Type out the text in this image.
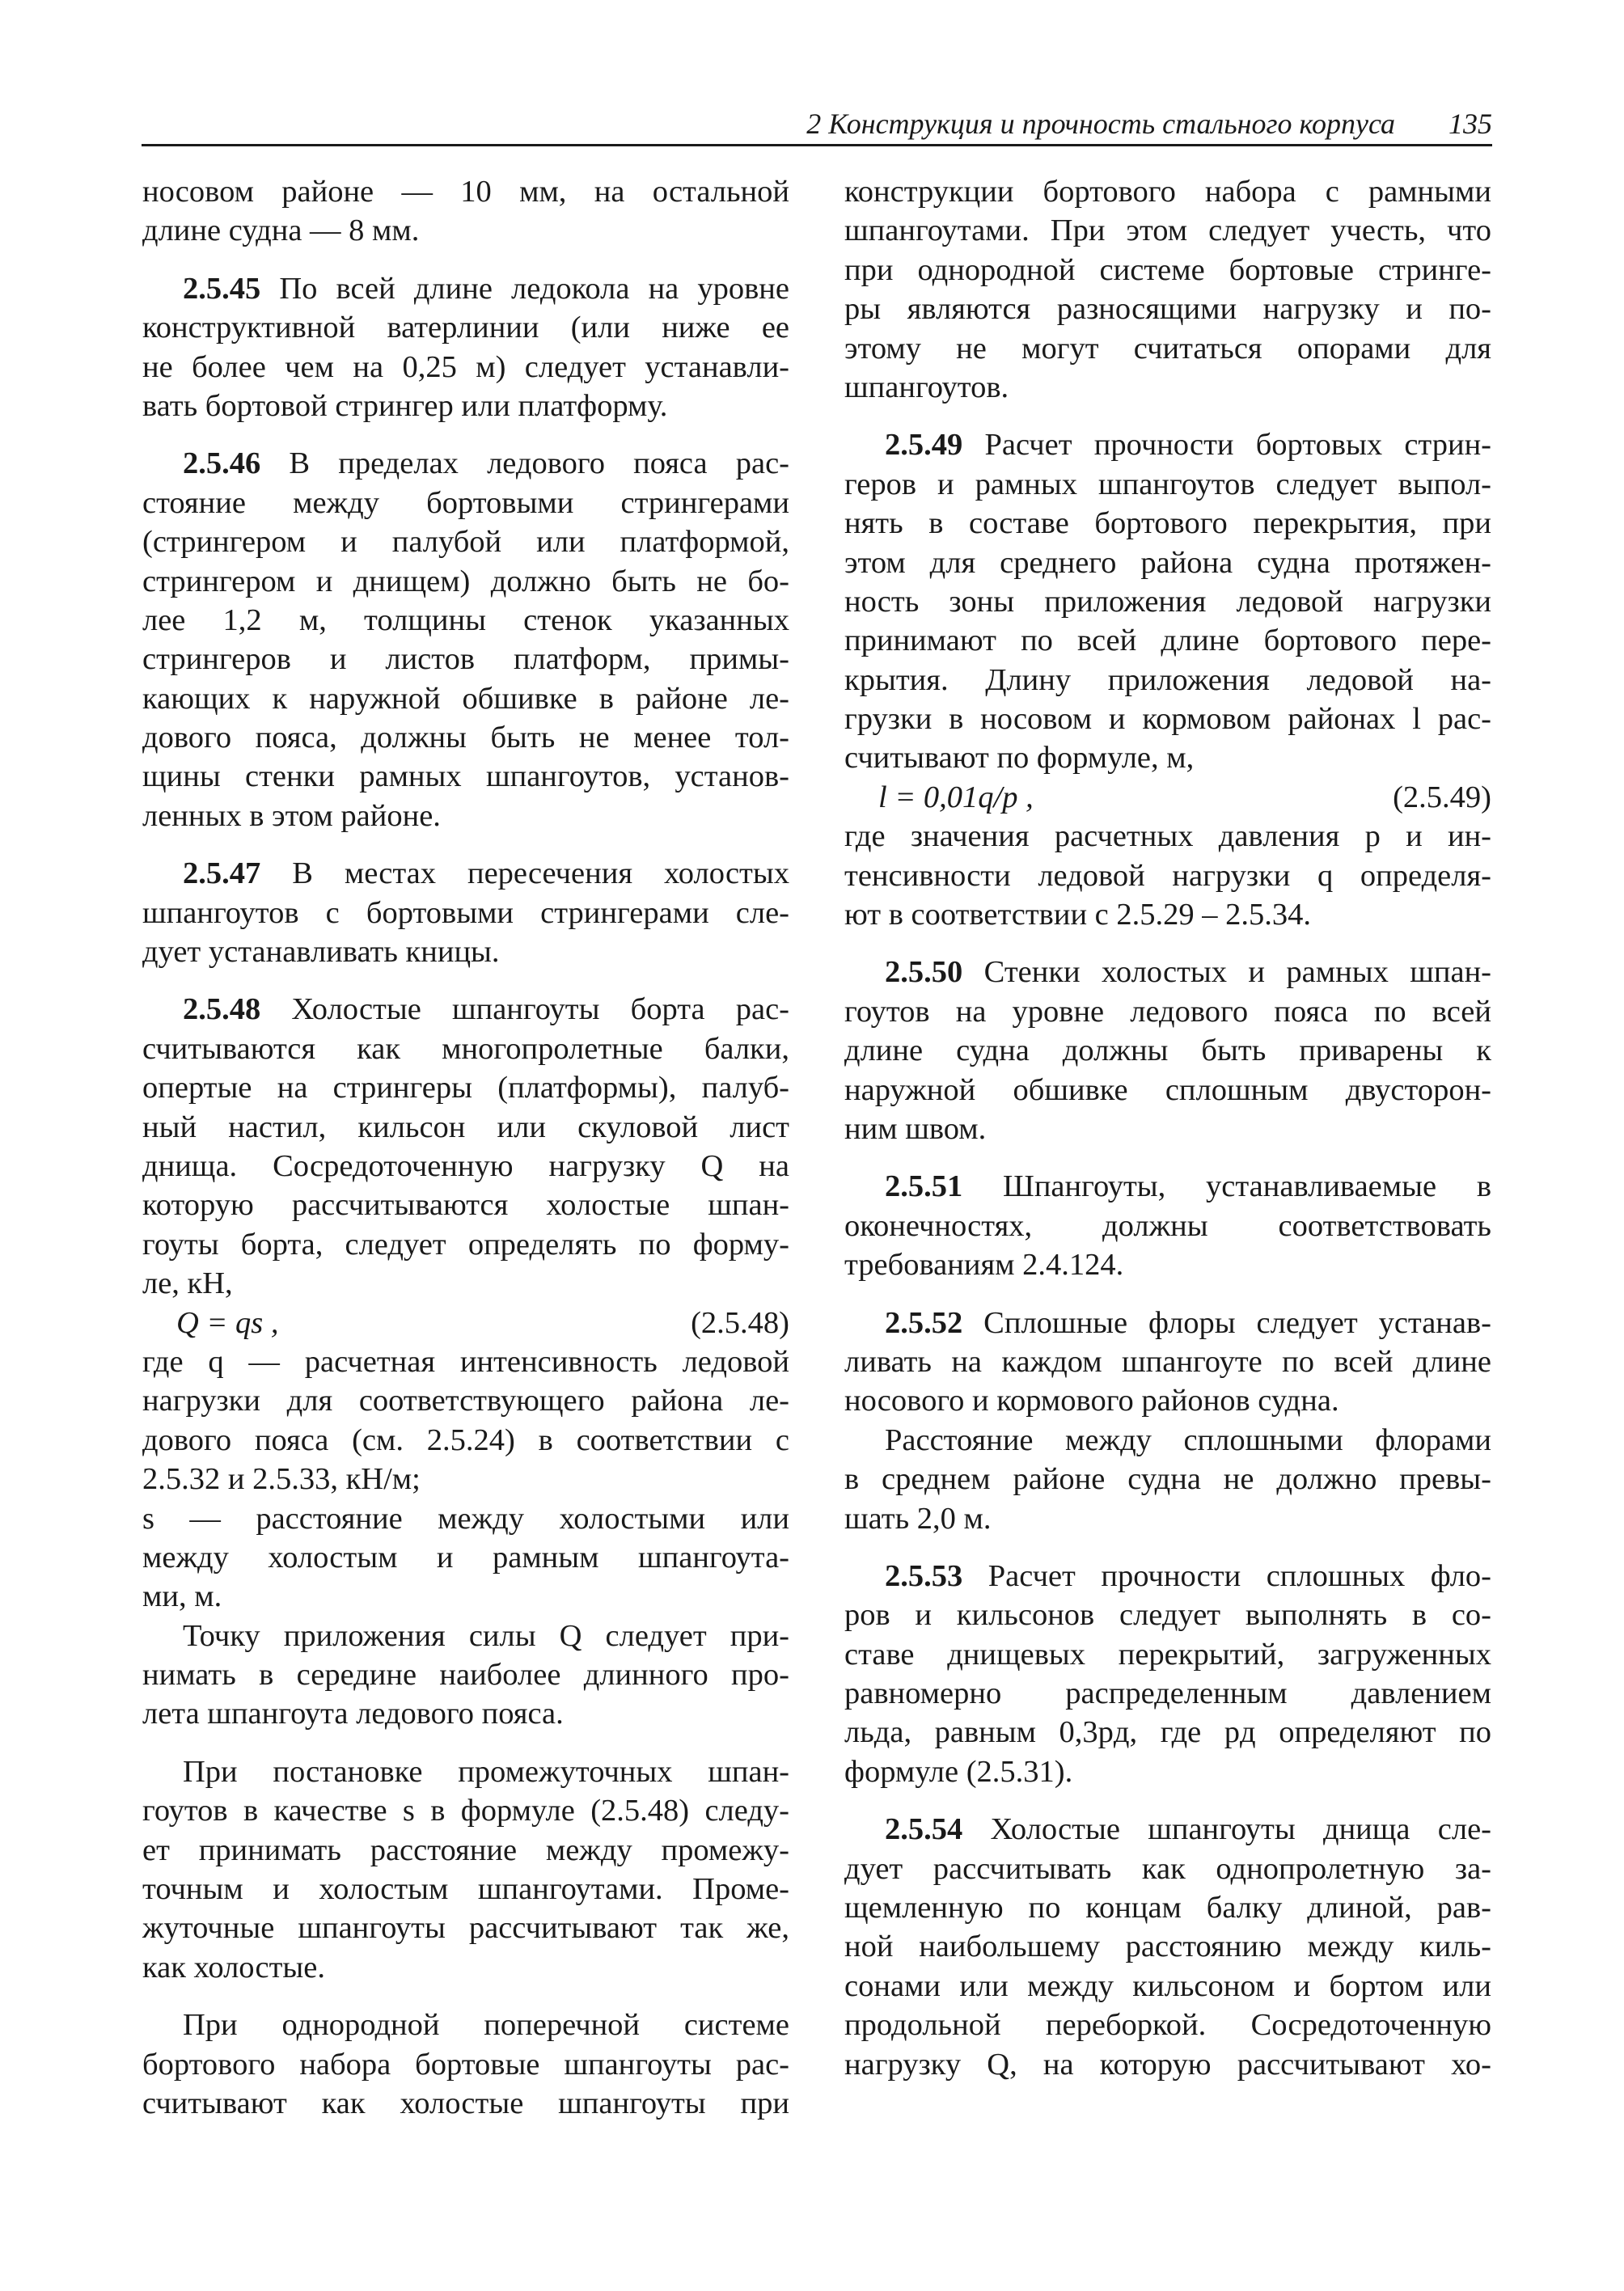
2 Конструкция и прочность стального корпуса 135
носовом районе — 10 мм, на остальной
длине судна — 8 мм.
2.5.45 По всей длине ледокола на уровне
конструктивной ватерлинии (или ниже ее
не более чем на 0,25 м) следует устанавли-
вать бортовой стрингер или платформу.
2.5.46 В пределах ледового пояса рас-
стояние между бортовыми стрингерами
(стрингером и палубой или платформой,
стрингером и днищем) должно быть не бо-
лее 1,2 м, толщины стенок указанных
стрингеров и листов платформ, примы-
кающих к наружной обшивке в районе ле-
дового пояса, должны быть не менее тол-
щины стенки рамных шпангоутов, установ-
ленных в этом районе.
2.5.47 В местах пересечения холостых
шпангоутов с бортовыми стрингерами сле-
дует устанавливать кницы.
2.5.48 Холостые шпангоуты борта рас-
считываются как многопролетные балки,
опертые на стрингеры (платформы), палуб-
ный настил, кильсон или скуловой лист
днища. Сосредоточенную нагрузку Q на
которую рассчитываются холостые шпан-
гоуты борта, следует определять по форму-
ле, кН,
Q = qs ,	(2.5.48)
где q — расчетная интенсивность ледовой
нагрузки для соответствующего района ле-
дового пояса (см. 2.5.24) в соответствии с
2.5.32 и 2.5.33, кН/м;
s — расстояние между холостыми или
между холостым и рамным шпангоута-
ми, м.
Точку приложения силы Q следует при-
нимать в середине наиболее длинного про-
лета шпангоута ледового пояса.
При постановке промежуточных шпан-
гоутов в качестве s в формуле (2.5.48) следу-
ет принимать расстояние между промежу-
точным и холостым шпангоутами. Проме-
жуточные шпангоуты рассчитывают так же,
как холостые.
При однородной поперечной системе
бортового набора бортовые шпангоуты рас-
считывают как холостые шпангоуты при
конструкции бортового набора с рамными
шпангоутами. При этом следует учесть, что
при однородной системе бортовые стринге-
ры являются разносящими нагрузку и по-
этому не могут считаться опорами для
шпангоутов.
2.5.49 Расчет прочности бортовых стрин-
геров и рамных шпангоутов следует выпол-
нять в составе бортового перекрытия, при
этом для среднего района судна протяжен-
ность зоны приложения ледовой нагрузки
принимают по всей длине бортового пере-
крытия. Длину приложения ледовой на-
грузки в носовом и кормовом районах l рас-
считывают по формуле, м,
l = 0,01q/p ,	(2.5.49)
где значения расчетных давления p и ин-
тенсивности ледовой нагрузки q определя-
ют в соответствии с 2.5.29 – 2.5.34.
2.5.50 Стенки холостых и рамных шпан-
гоутов на уровне ледового пояса по всей
длине судна должны быть приварены к
наружной обшивке сплошным двусторон-
ним швом.
2.5.51 Шпангоуты, устанавливаемые в
оконечностях, должны соответствовать
требованиям 2.4.124.
2.5.52 Сплошные флоры следует устанав-
ливать на каждом шпангоуте по всей длине
носового и кормового районов судна.
Расстояние между сплошными флорами
в среднем районе судна не должно превы-
шать 2,0 м.
2.5.53 Расчет прочности сплошных фло-
ров и кильсонов следует выполнять в со-
ставе днищевых перекрытий, загруженных
равномерно распределенным давлением
льда, равным 0,3pд, где pд определяют по
формуле (2.5.31).
2.5.54 Холостые шпангоуты днища сле-
дует рассчитывать как однопролетную за-
щемленную по концам балку длиной, рав-
ной наибольшему расстоянию между киль-
сонами или между кильсоном и бортом или
продольной переборкой. Сосредоточенную
нагрузку Q, на которую рассчитывают хо-
